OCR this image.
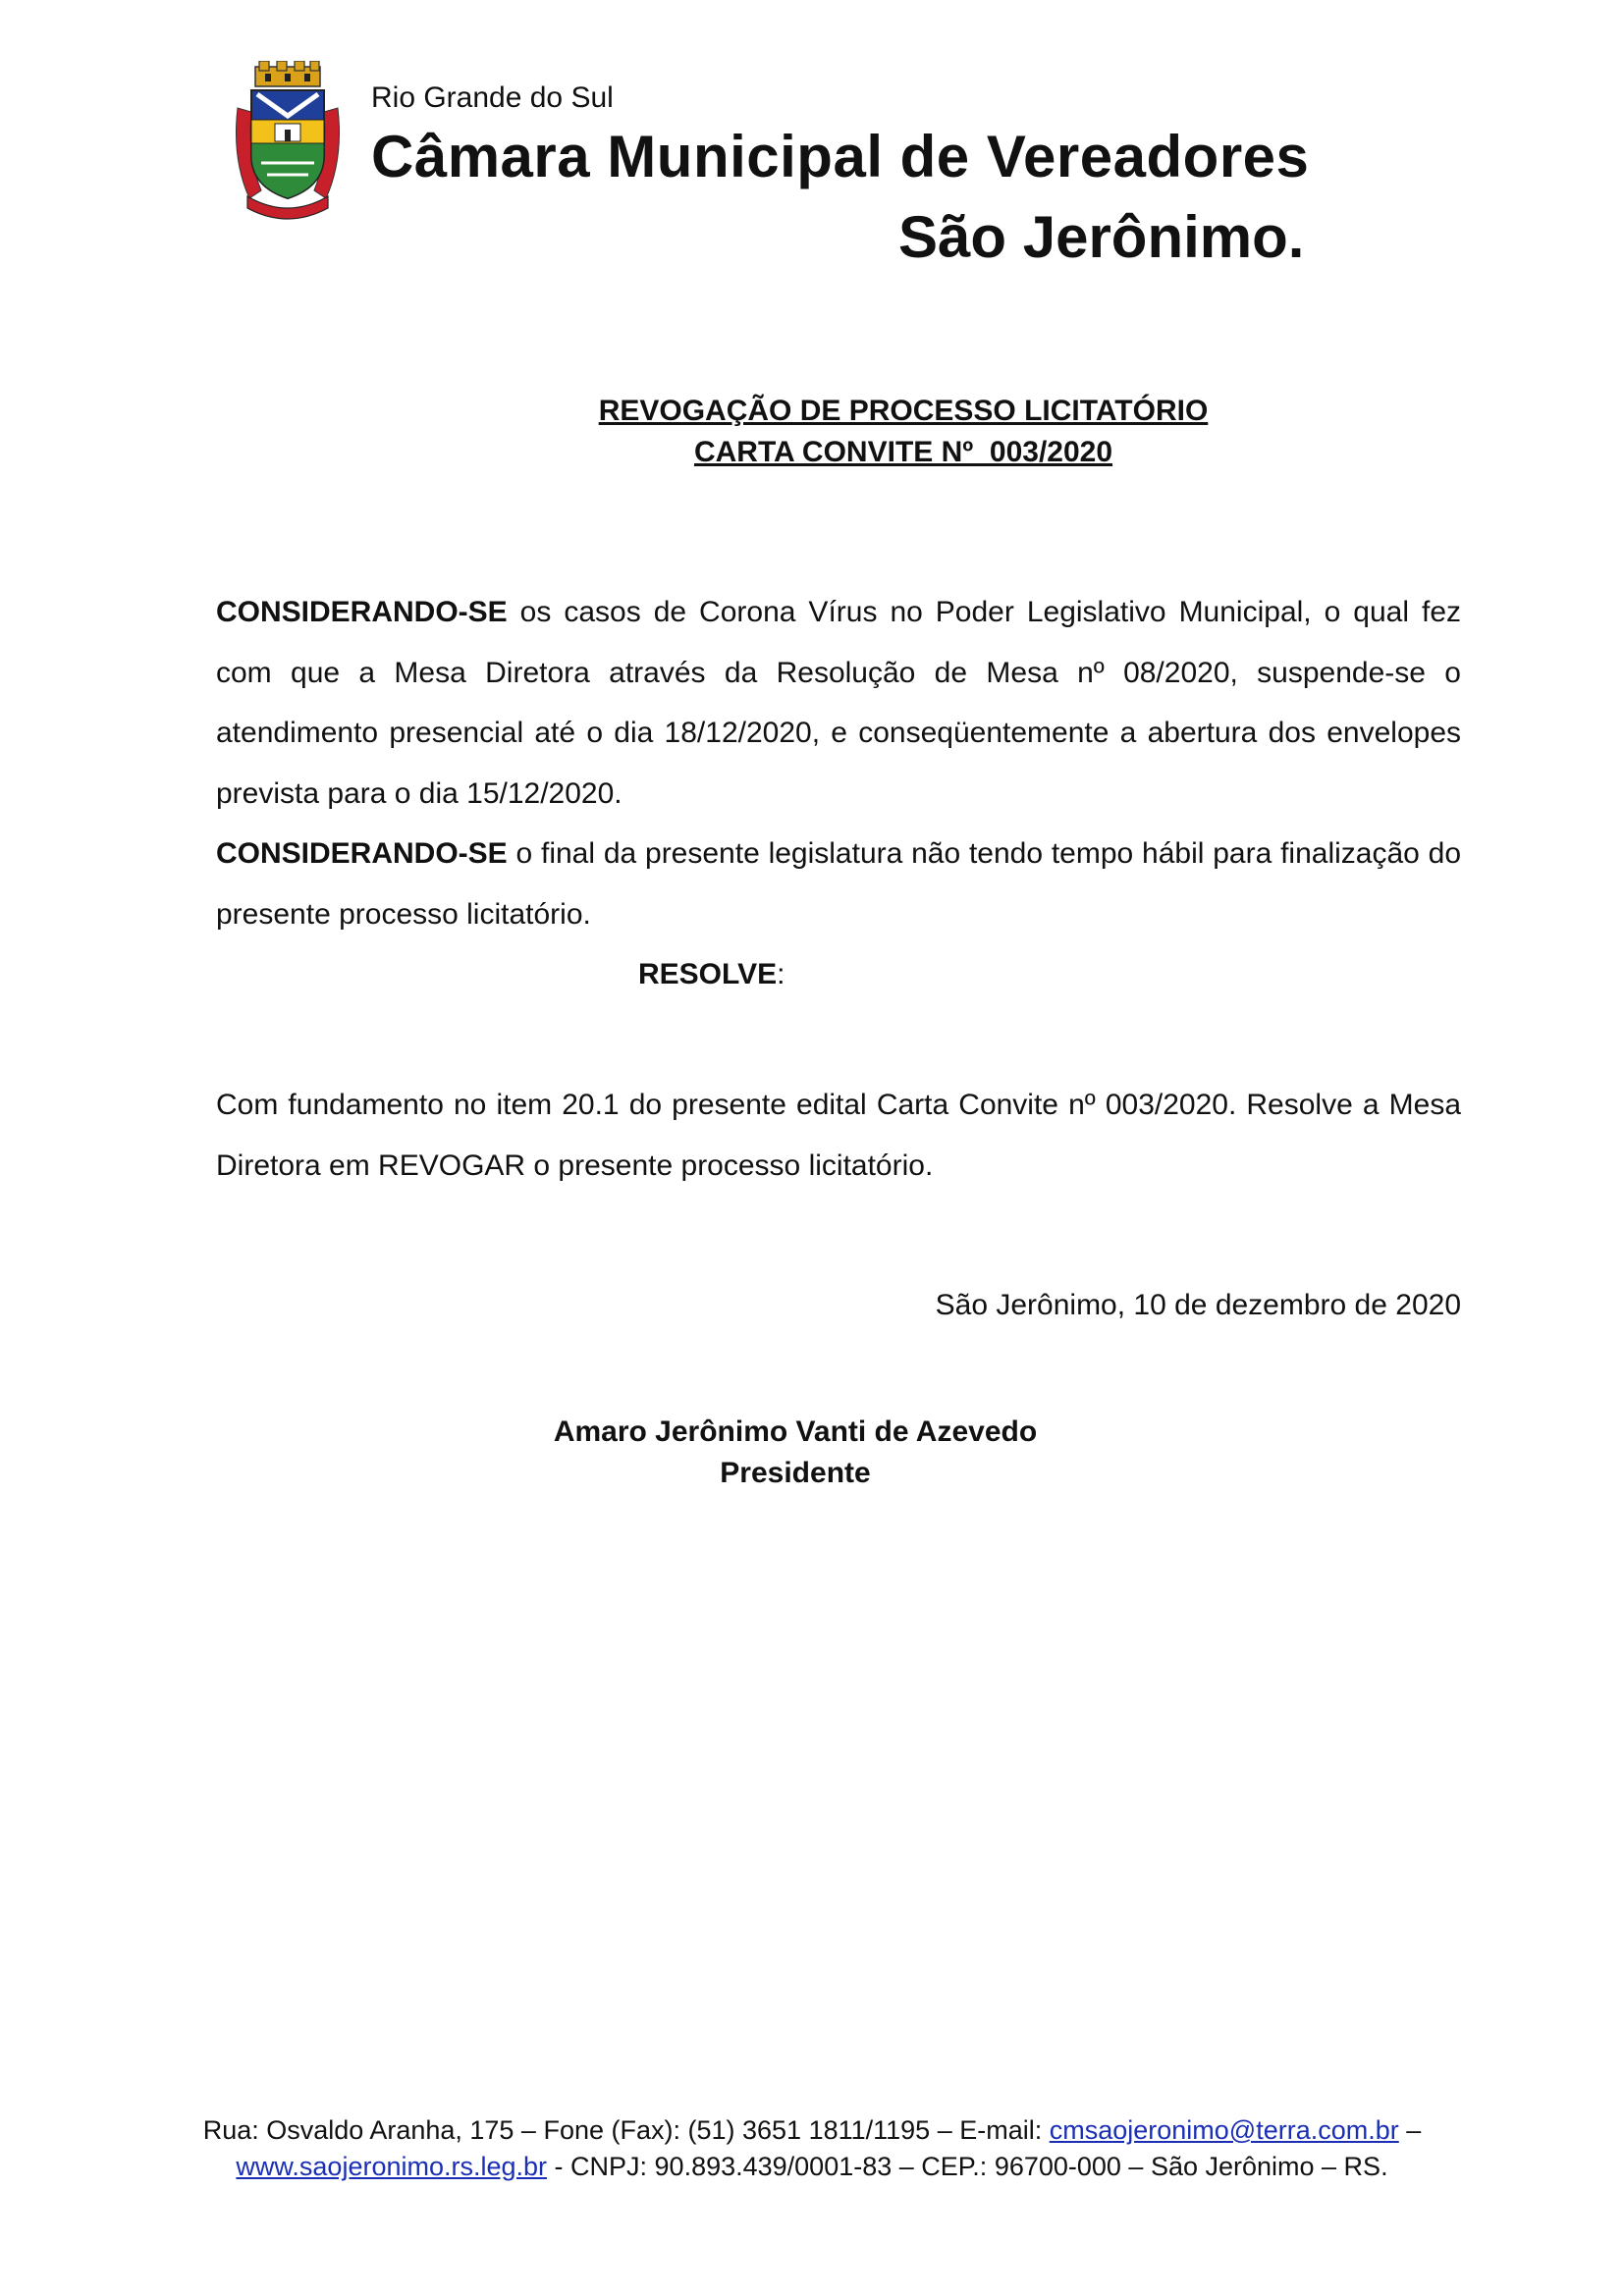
Rio Grande do Sul
Câmara Municipal de Vereadores
São Jerônimo.
REVOGAÇÃO DE PROCESSO LICITATÓRIO
CARTA CONVITE Nº  003/2020
CONSIDERANDO-SE os casos de Corona Vírus no Poder Legislativo Municipal, o qual fez com que a Mesa Diretora através da Resolução de Mesa nº 08/2020, suspende-se o atendimento presencial até o dia 18/12/2020, e conseqüentemente a abertura dos envelopes prevista para o dia 15/12/2020.
CONSIDERANDO-SE o final da presente legislatura não tendo tempo hábil para finalização do presente processo licitatório.
RESOLVE:
Com fundamento no item 20.1 do presente edital Carta Convite nº 003/2020. Resolve a Mesa Diretora em REVOGAR o presente processo licitatório.
São Jerônimo, 10 de dezembro de 2020
Amaro Jerônimo Vanti de Azevedo
Presidente
Rua: Osvaldo Aranha, 175 – Fone (Fax): (51) 3651 1811/1195 – E-mail: cmsaojeronimo@terra.com.br –
www.saojeronimo.rs.leg.br - CNPJ: 90.893.439/0001-83 – CEP.: 96700-000 – São Jerônimo – RS.
